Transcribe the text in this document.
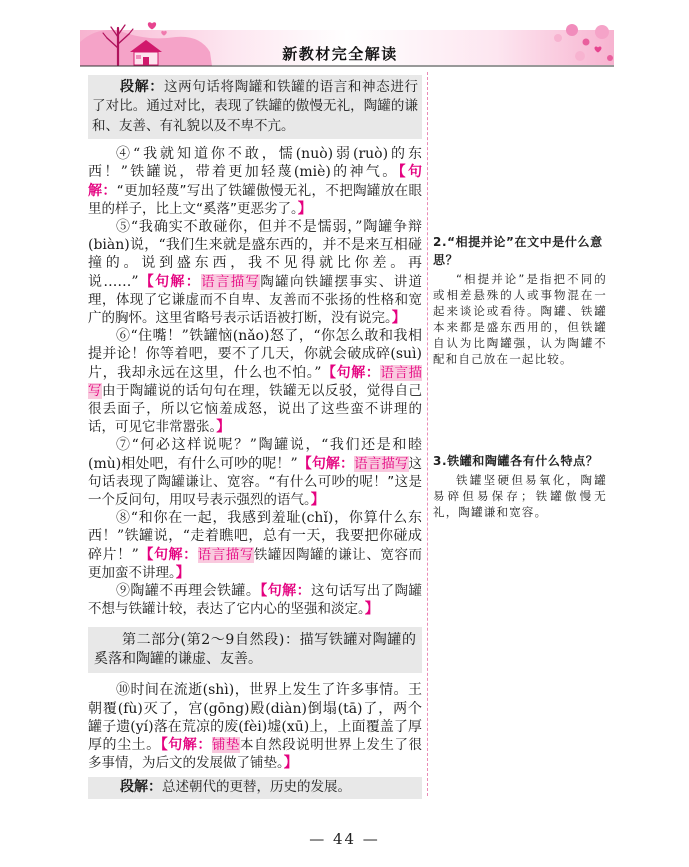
新教材完全解读
段解：这两句话将陶罐和铁罐的语言和神态进行了对比。通过对比，表现了铁罐的傲慢无礼，陶罐的谦和、友善、有礼貌以及不卑不亢。

④“我就知道你不敢，懦(nuò)弱(ruò)的东西！”铁罐说，带着更加轻蔑(miè)的神气。【句解：“更加轻蔑”写出了铁罐傲慢无礼，不把陶罐放在眼里的样子，比上文“奚落”更恶劣了。】

⑤“我确实不敢碰你，但并不是懦弱，”陶罐争辩(biàn)说，“我们生来就是盛东西的，并不是来互相碰撞的。说到盛东西，我不见得就比你差。再说……”【句解：语言描写陶罐向铁罐摆事实、讲道理，体现了它谦虚而不自卑、友善而不张扬的性格和宽广的胸怀。这里省略号表示话语被打断，没有说完。】

⑥“住嘴！”铁罐恼(nǎo)怒了，“你怎么敢和我相提并论！你等着吧，要不了几天，你就会破成碎(suì)片，我却永远在这里，什么也不怕。”【句解：语言描写由于陶罐说的话句句在理，铁罐无以反驳，觉得自己很丢面子，所以它恼羞成怒，说出了这些蛮不讲理的话，可见它非常嚣张。】

⑦“何必这样说呢？”陶罐说，“我们还是和睦(mù)相处吧，有什么可吵的呢！”【句解：语言描写这句话表现了陶罐谦让、宽容。“有什么可吵的呢！”这是一个反问句，用叹号表示强烈的语气。】

⑧“和你在一起，我感到羞耻(chǐ)，你算什么东西！”铁罐说，“走着瞧吧，总有一天，我要把你碰成碎片！”【句解：语言描写铁罐因陶罐的谦让、宽容而更加蛮不讲理。】

⑨陶罐不再理会铁罐。【句解：这句话写出了陶罐不想与铁罐计较，表达了它内心的坚强和淡定。】

第二部分(第2～9自然段)：描写铁罐对陶罐的奚落和陶罐的谦虚、友善。

⑩时间在流逝(shì)，世界上发生了许多事情。王朝覆(fù)灭了，宫(gōng)殿(diàn)倒塌(tā)了，两个罐子遗(yí)落在荒凉的废(fèi)墟(xū)上，上面覆盖了厚厚的尘土。【句解：铺垫本自然段说明世界上发生了很多事情，为后文的发展做了铺垫。】

段解：总述朝代的更替，历史的发展。
2.“相提并论”在文中是什么意思？
“相提并论”是指把不同的或相差悬殊的人或事物混在一起来谈论或看待。陶罐、铁罐本来都是盛东西用的，但铁罐自认为比陶罐强，认为陶罐不配和自己放在一起比较。
3.铁罐和陶罐各有什么特点？
铁罐坚硬但易氧化，陶罐易碎但易保存；铁罐傲慢无礼，陶罐谦和宽容。
— 44 —
